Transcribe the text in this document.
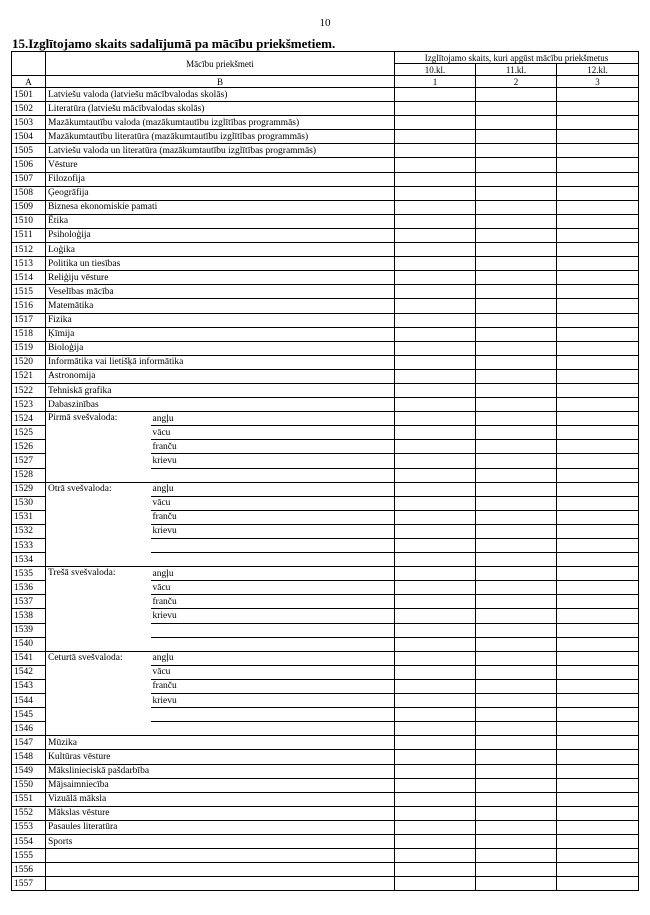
10
15.Izglītojamo skaits sadalījumā pa mācību priekšmetiem.
	Mācību priekšmeti		Izglītojamo skaits, kuri apgūst mācību priekšmetus		
			10.kl.	11.kl.	12.kl.
A	B		1	2	3
1501	Latviešu valoda (latviešu mācībvalodas skolās)				
1502	Literatūra (latviešu mācībvalodas skolās)				
1503	Mazākumtautību valoda (mazākumtautību izglītības programmās)				
1504	Mazākumtautību literatūra (mazākumtautību izglītības programmās)				
1505	Latviešu valoda un literatūra (mazākumtautību izglītības programmās)				
1506	Vēsture				
1507	Filozofija				
1508	Ģeogrāfija				
1509	Biznesa ekonomiskie pamati				
1510	Ētika				
1511	Psiholoģija				
1512	Loģika				
1513	Politika un tiesības				
1514	Reliģiju vēsture				
1515	Veselības mācība				
1516	Matemātika				
1517	Fizika				
1518	Ķīmija				
1519	Bioloģija				
1520	Informātika vai lietišķā informātika				
1521	Astronomija				
1522	Tehniskā grafika				
1523	Dabaszinības				
1524	Pirmā svešvaloda:	angļu			
1525		vācu			
1526		franču			
1527		krievu			
1528					
1529	Otrā svešvaloda:	angļu			
1530		vācu			
1531		franču			
1532		krievu			
1533					
1534					
1535	Trešā svešvaloda:	angļu			
1536		vācu			
1537		franču			
1538		krievu			
1539					
1540					
1541	Ceturtā svešvaloda:	angļu			
1542		vācu			
1543		franču			
1544		krievu			
1545					
1546					
1547	Mūzika				
1548	Kultūras vēsture				
1549	Mākslinieciskā pašdarbība				
1550	Mājsaimniecība				
1551	Vizuālā māksla				
1552	Mākslas vēsture				
1553	Pasaules literatūra				
1554	Sports				
1555					
1556					
1557					
